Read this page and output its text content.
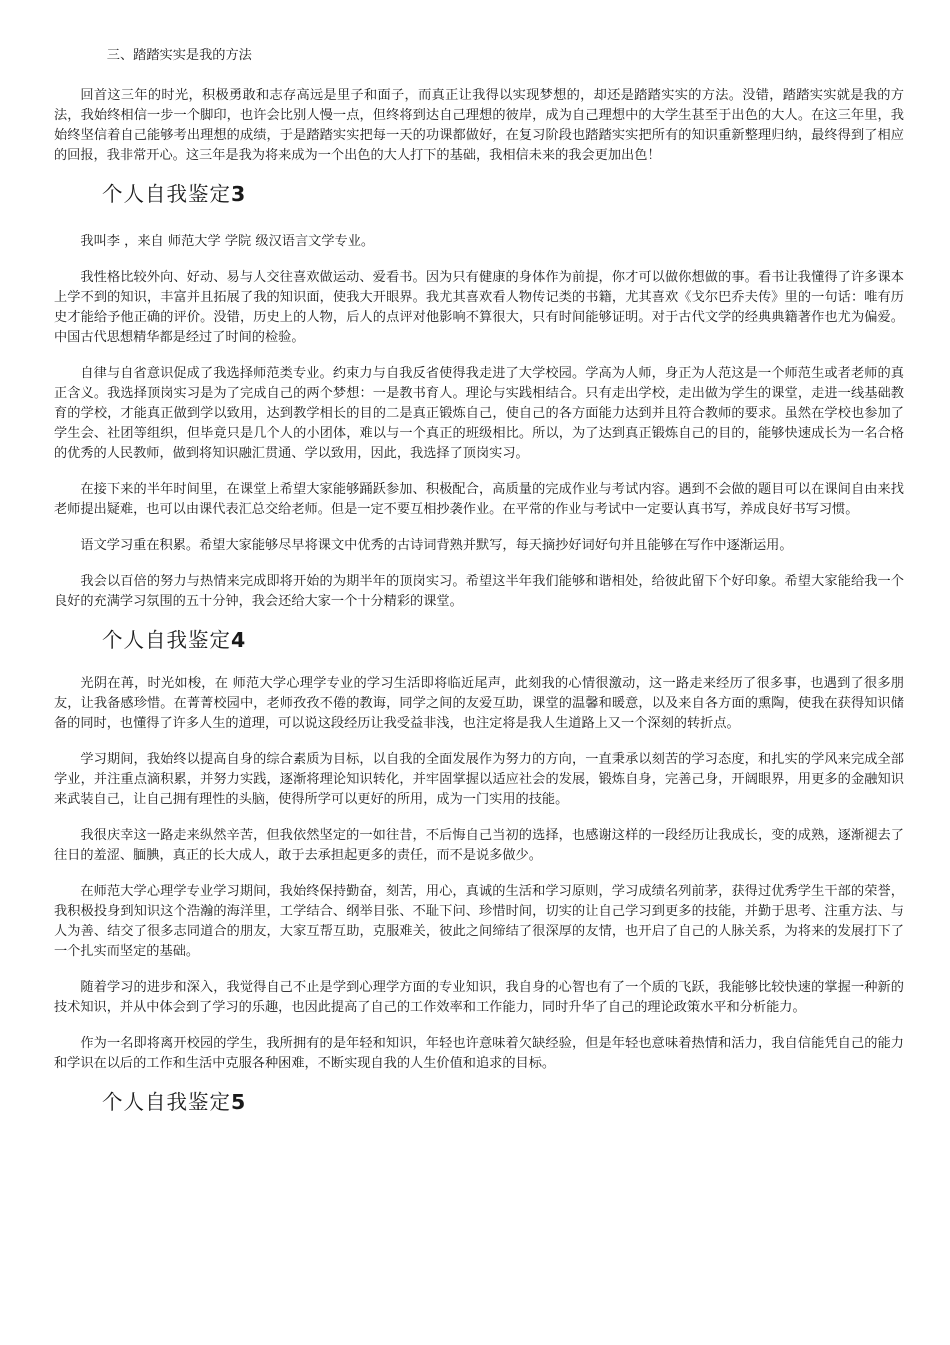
三、踏踏实实是我的方法

回首这三年的时光，积极勇敢和志存高远是里子和面子，而真正让我得以实现梦想的，却还是踏踏实实的方法。没错，踏踏实实就是我的方法，我始终相信一步一个脚印，也许会比别人慢一点，但终将到达自己理想的彼岸，成为自己理想中的大学生甚至于出色的大人。在这三年里，我始终坚信着自己能够考出理想的成绩，于是踏踏实实把每一天的功课都做好，在复习阶段也踏踏实实把所有的知识重新整理归纳，最终得到了相应的回报，我非常开心。这三年是我为将来成为一个出色的大人打下的基础，我相信未来的我会更加出色！

个人自我鉴定3

我叫李 ，来自 师范大学 学院 级汉语言文学专业。

我性格比较外向、好动、易与人交往喜欢做运动、爱看书。因为只有健康的身体作为前提，你才可以做你想做的事。看书让我懂得了许多课本上学不到的知识，丰富并且拓展了我的知识面，使我大开眼界。我尤其喜欢看人物传记类的书籍，尤其喜欢《戈尔巴乔夫传》里的一句话：唯有历史才能给予他正确的评价。没错，历史上的人物，后人的点评对他影响不算很大，只有时间能够证明。对于古代文学的经典典籍著作也尤为偏爱。中国古代思想精华都是经过了时间的检验。

自律与自省意识促成了我选择师范类专业。约束力与自我反省使得我走进了大学校园。学高为人师，身正为人范这是一个师范生或者老师的真正含义。我选择顶岗实习是为了完成自己的两个梦想：一是教书育人。理论与实践相结合。只有走出学校，走出做为学生的课堂，走进一线基础教育的学校，才能真正做到学以致用，达到教学相长的目的二是真正锻炼自己，使自己的各方面能力达到并且符合教师的要求。虽然在学校也参加了学生会、社团等组织，但毕竟只是几个人的小团体，难以与一个真正的班级相比。所以，为了达到真正锻炼自己的目的，能够快速成长为一名合格的优秀的人民教师，做到将知识融汇贯通、学以致用，因此，我选择了顶岗实习。

在接下来的半年时间里，在课堂上希望大家能够踊跃参加、积极配合，高质量的完成作业与考试内容。遇到不会做的题目可以在课间自由来找老师提出疑难，也可以由课代表汇总交给老师。但是一定不要互相抄袭作业。在平常的作业与考试中一定要认真书写，养成良好书写习惯。

语文学习重在积累。希望大家能够尽早将课文中优秀的古诗词背熟并默写，每天摘抄好词好句并且能够在写作中逐渐运用。

我会以百倍的努力与热情来完成即将开始的为期半年的顶岗实习。希望这半年我们能够和谐相处，给彼此留下个好印象。希望大家能给我一个良好的充满学习氛围的五十分钟，我会还给大家一个十分精彩的课堂。

个人自我鉴定4

光阴在苒，时光如梭，在 师范大学心理学专业的学习生活即将临近尾声，此刻我的心情很激动，这一路走来经历了很多事，也遇到了很多朋友，让我备感珍惜。在菁菁校园中，老师孜孜不倦的教诲，同学之间的友爱互助，课堂的温馨和暖意，以及来自各方面的熏陶，使我在获得知识储备的同时，也懂得了许多人生的道理，可以说这段经历让我受益非浅，也注定将是我人生道路上又一个深刻的转折点。

学习期间，我始终以提高自身的综合素质为目标，以自我的全面发展作为努力的方向，一直秉承以刻苦的学习态度，和扎实的学风来完成全部学业，并注重点滴积累，并努力实践，逐渐将理论知识转化，并牢固掌握以适应社会的发展，锻炼自身，完善己身，开阔眼界，用更多的金融知识来武装自己，让自己拥有理性的头脑，使得所学可以更好的所用，成为一门实用的技能。

我很庆幸这一路走来纵然辛苦，但我依然坚定的一如往昔，不后悔自己当初的选择，也感谢这样的一段经历让我成长，变的成熟，逐渐褪去了往日的羞涩、腼腆，真正的长大成人，敢于去承担起更多的责任，而不是说多做少。

在师范大学心理学专业学习期间，我始终保持勤奋，刻苦，用心，真诚的生活和学习原则，学习成绩名列前茅，获得过优秀学生干部的荣誉，我积极投身到知识这个浩瀚的海洋里，工学结合、纲举目张、不耻下问、珍惜时间，切实的让自己学习到更多的技能，并勤于思考、注重方法、与人为善、结交了很多志同道合的朋友，大家互帮互助，克服难关，彼此之间缔结了很深厚的友情，也开启了自己的人脉关系，为将来的发展打下了一个扎实而坚定的基础。

随着学习的进步和深入，我觉得自己不止是学到心理学方面的专业知识，我自身的心智也有了一个质的飞跃，我能够比较快速的掌握一种新的技术知识，并从中体会到了学习的乐趣，也因此提高了自己的工作效率和工作能力，同时升华了自己的理论政策水平和分析能力。

作为一名即将离开校园的学生，我所拥有的是年轻和知识，年轻也许意味着欠缺经验，但是年轻也意味着热情和活力，我自信能凭自己的能力和学识在以后的工作和生活中克服各种困难，不断实现自我的人生价值和追求的目标。

个人自我鉴定5
